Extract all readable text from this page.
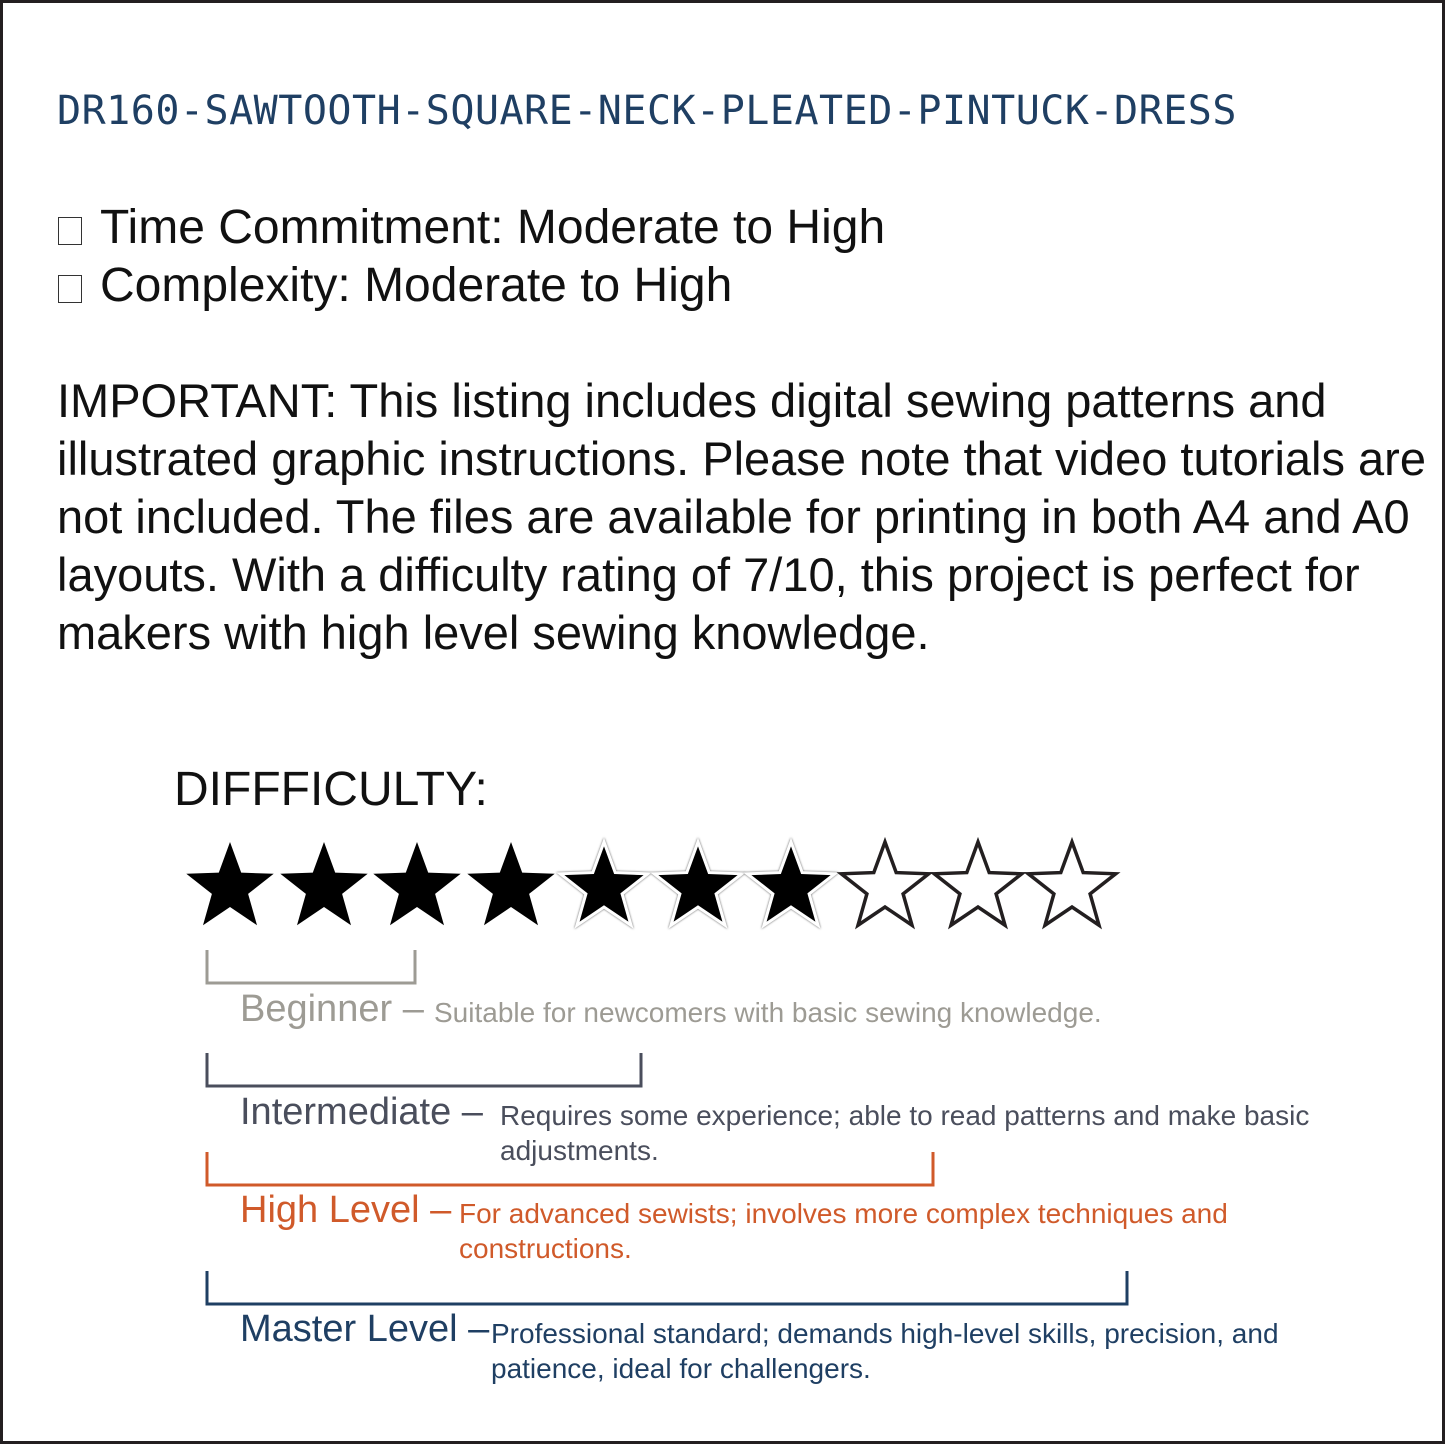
DR160-SAWTOOTH-SQUARE-NECK-PLEATED-PINTUCK-DRESS
Time Commitment: Moderate to High
Complexity: Moderate to High
IMPORTANT: This listing includes digital sewing patterns and illustrated graphic instructions. Please note that video tutorials are not included. The files are available for printing in both A4 and A0 layouts. With a difficulty rating of 7/10, this project is perfect for makers with high level sewing knowledge.
DIFFFICULTY:
Beginner – Suitable for newcomers with basic sewing knowledge.
Intermediate – Requires some experience; able to read patterns and make basic adjustments.
High Level – For advanced sewists; involves more complex techniques and constructions.
Master Level – Professional standard; demands high-level skills, precision, and patience, ideal for challengers.
